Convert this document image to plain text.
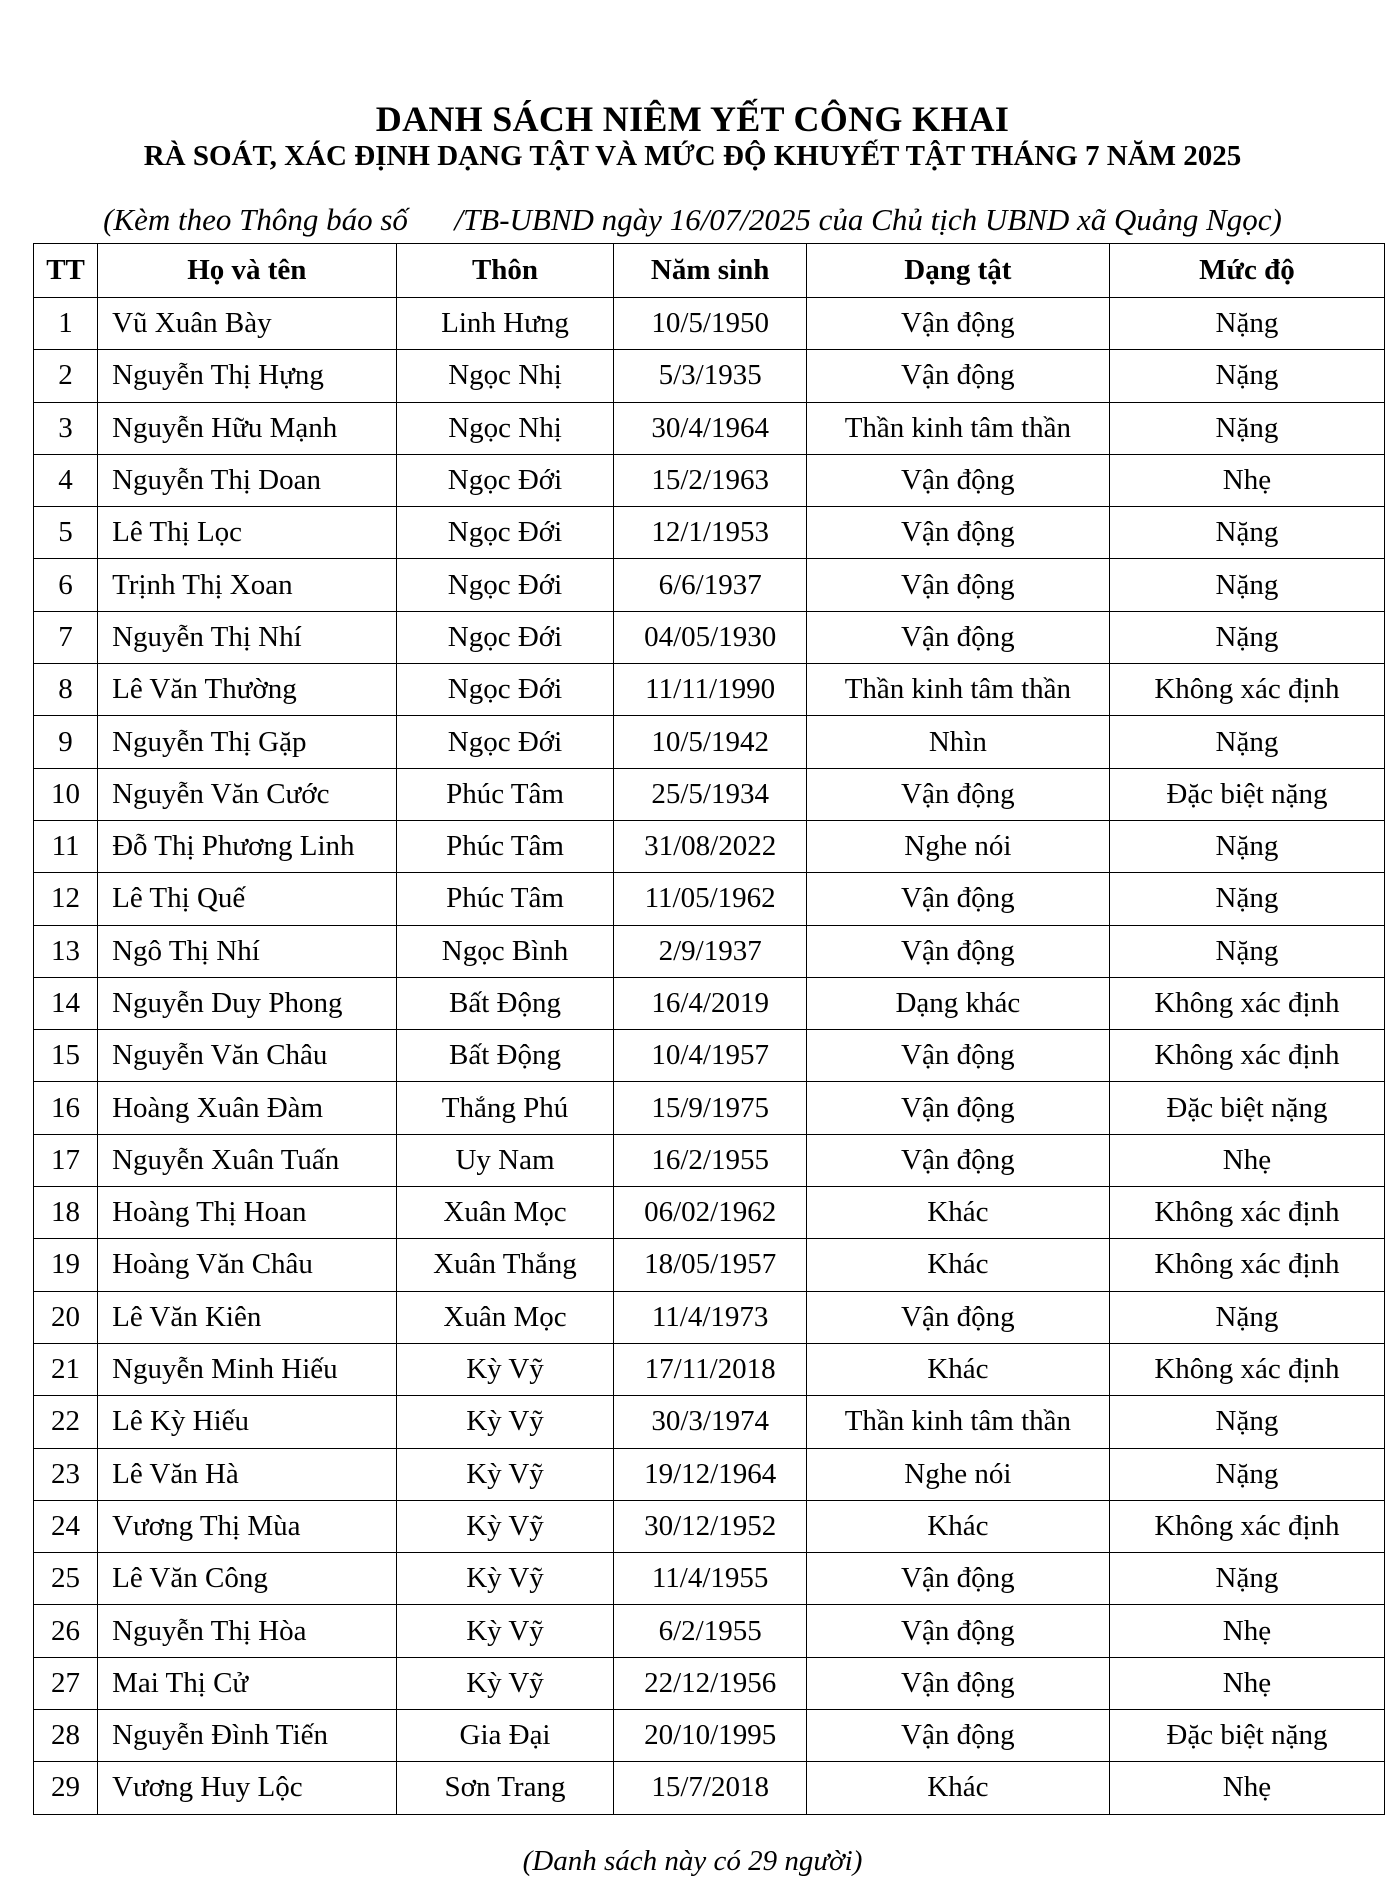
DANH SÁCH NIÊM YẾT CÔNG KHAI
RÀ SOÁT, XÁC ĐỊNH DẠNG TẬT VÀ MỨC ĐỘ KHUYẾT TẬT THÁNG 7 NĂM 2025
(Kèm theo Thông báo số      /TB-UBND ngày 16/07/2025 của Chủ tịch UBND xã Quảng Ngọc)
TT	Họ và tên	Thôn	Năm sinh	Dạng tật	Mức độ
1	Vũ Xuân Bày	Linh Hưng	10/5/1950	Vận động	Nặng
2	Nguyễn Thị Hựng	Ngọc Nhị	5/3/1935	Vận động	Nặng
3	Nguyễn Hữu Mạnh	Ngọc Nhị	30/4/1964	Thần kinh tâm thần	Nặng
4	Nguyễn Thị Doan	Ngọc Đới	15/2/1963	Vận động	Nhẹ
5	Lê Thị Lọc	Ngọc Đới	12/1/1953	Vận động	Nặng
6	Trịnh Thị Xoan	Ngọc Đới	6/6/1937	Vận động	Nặng
7	Nguyễn Thị Nhí	Ngọc Đới	04/05/1930	Vận động	Nặng
8	Lê Văn Thường	Ngọc Đới	11/11/1990	Thần kinh tâm thần	Không xác định
9	Nguyễn Thị Gặp	Ngọc Đới	10/5/1942	Nhìn	Nặng
10	Nguyễn Văn Cước	Phúc Tâm	25/5/1934	Vận động	Đặc biệt nặng
11	Đỗ Thị Phương Linh	Phúc Tâm	31/08/2022	Nghe nói	Nặng
12	Lê Thị Quế	Phúc Tâm	11/05/1962	Vận động	Nặng
13	Ngô Thị Nhí	Ngọc Bình	2/9/1937	Vận động	Nặng
14	Nguyễn Duy Phong	Bất Động	16/4/2019	Dạng khác	Không xác định
15	Nguyễn Văn Châu	Bất Động	10/4/1957	Vận động	Không xác định
16	Hoàng Xuân Đàm	Thắng Phú	15/9/1975	Vận động	Đặc biệt nặng
17	Nguyễn Xuân Tuấn	Uy Nam	16/2/1955	Vận động	Nhẹ
18	Hoàng Thị Hoan	Xuân Mọc	06/02/1962	Khác	Không xác định
19	Hoàng Văn Châu	Xuân Thắng	18/05/1957	Khác	Không xác định
20	Lê Văn Kiên	Xuân Mọc	11/4/1973	Vận động	Nặng
21	Nguyễn Minh Hiếu	Kỳ Vỹ	17/11/2018	Khác	Không xác định
22	Lê Kỳ Hiếu	Kỳ Vỹ	30/3/1974	Thần kinh tâm thần	Nặng
23	Lê Văn Hà	Kỳ Vỹ	19/12/1964	Nghe nói	Nặng
24	Vương Thị Mùa	Kỳ Vỹ	30/12/1952	Khác	Không xác định
25	Lê Văn Công	Kỳ Vỹ	11/4/1955	Vận động	Nặng
26	Nguyễn Thị Hòa	Kỳ Vỹ	6/2/1955	Vận động	Nhẹ
27	Mai Thị Cử	Kỳ Vỹ	22/12/1956	Vận động	Nhẹ
28	Nguyễn Đình Tiến	Gia Đại	20/10/1995	Vận động	Đặc biệt nặng
29	Vương Huy Lộc	Sơn Trang	15/7/2018	Khác	Nhẹ
(Danh sách này có 29 người)
